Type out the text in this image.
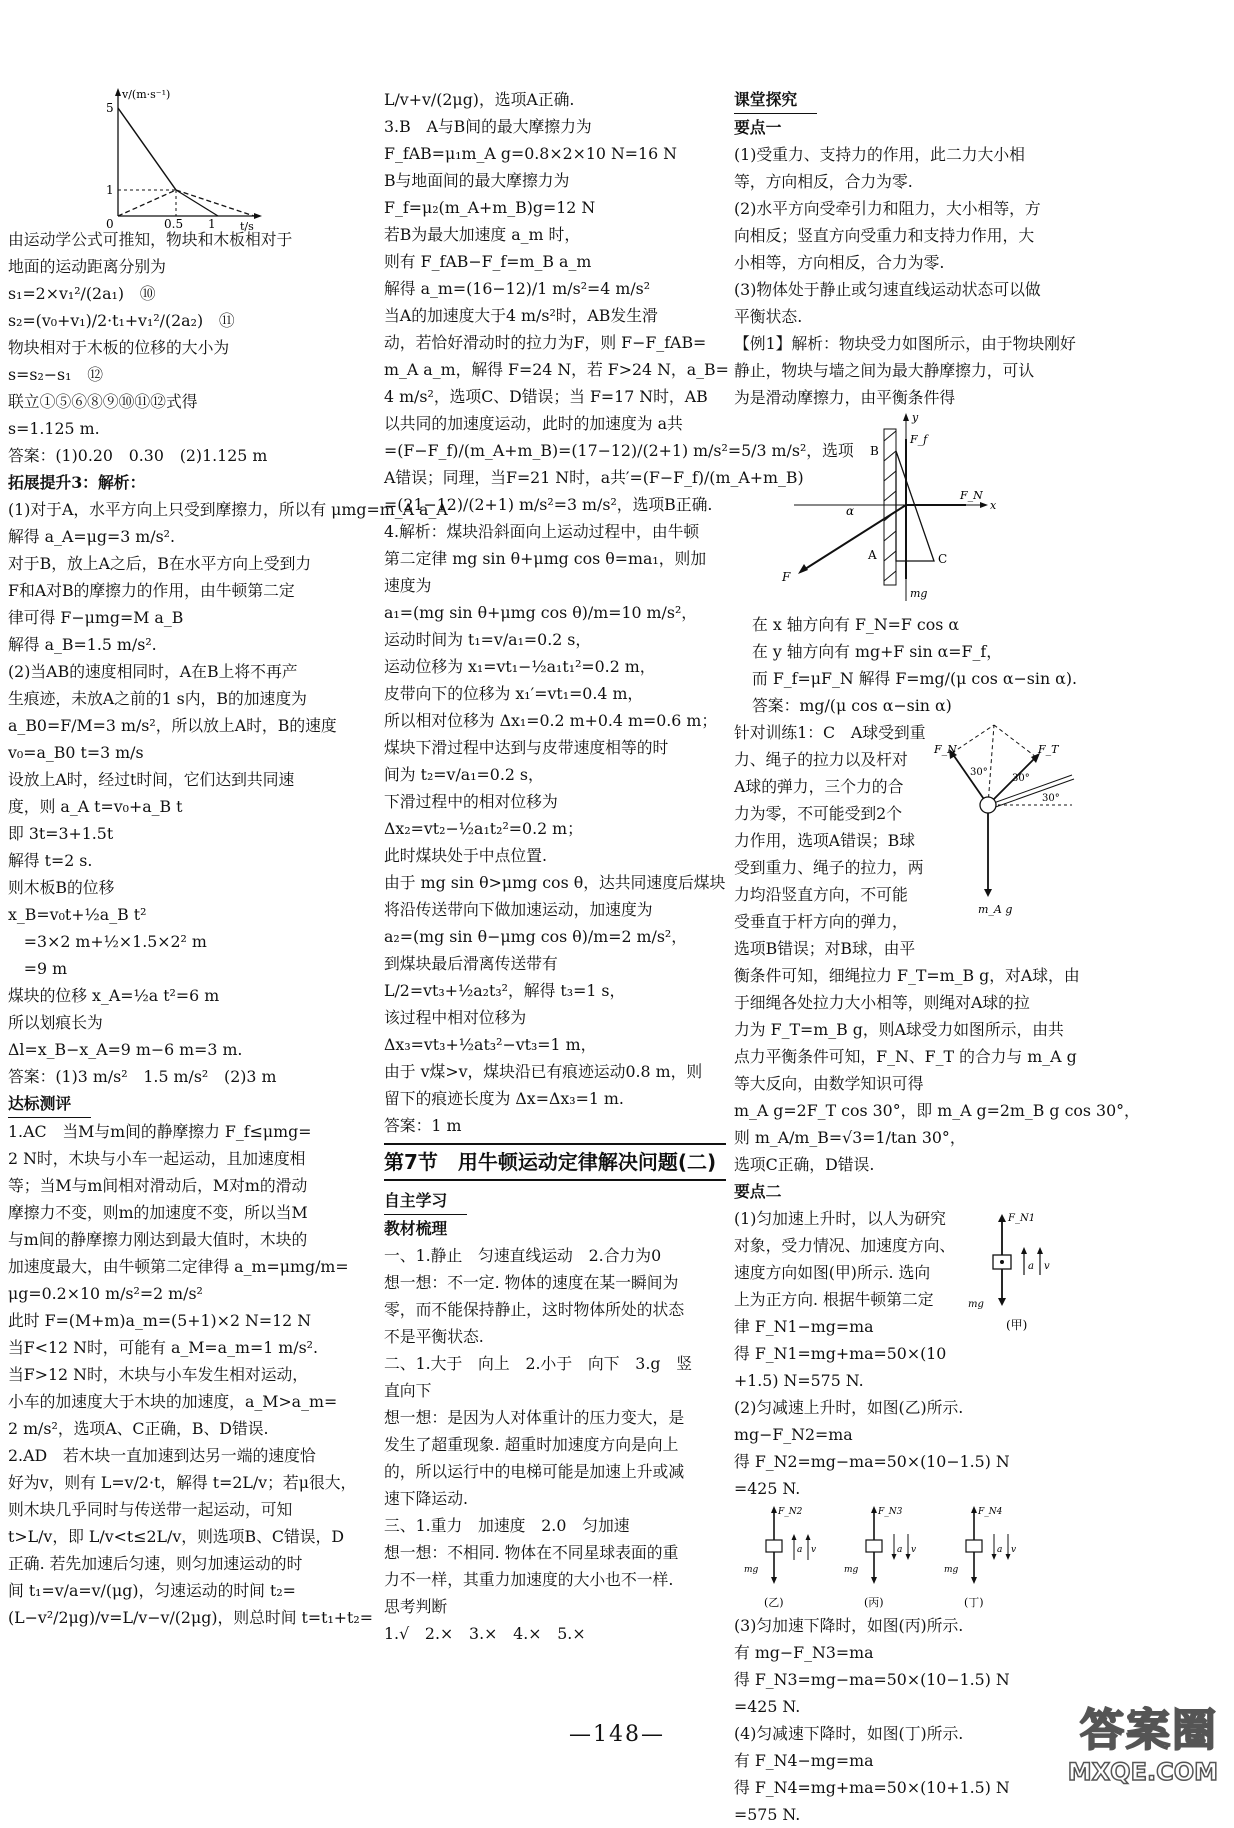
v/(m·s⁻¹)
t/s
5
1
0	0.5 1
由运动学公式可推知，物块和木板相对于
地面的运动距离分别为
s₁=2×v₁²/(2a₁)　⑩
s₂=(v₀+v₁)/2·t₁+v₁²/(2a₂)　⑪
物块相对于木板的位移的大小为
s=s₂−s₁　⑫
联立①⑤⑥⑧⑨⑩⑪⑫式得
s=1.125 m.
答案：(1)0.20　0.30　(2)1.125 m
拓展提升3：解析：
(1)对于A，水平方向上只受到摩擦力，所以有 μmg=m_A a_A
解得 a_A=μg=3 m/s².
对于B，放上A之后，B在水平方向上受到力
F和A对B的摩擦力的作用，由牛顿第二定
律可得 F−μmg=M a_B
解得 a_B=1.5 m/s².
(2)当AB的速度相同时，A在B上将不再产
生痕迹，未放A之前的1 s内，B的加速度为
a_B0=F/M=3 m/s²，所以放上A时，B的速度
v₀=a_B0 t=3 m/s
设放上A时，经过t时间，它们达到共同速
度，则 a_A t=v₀+a_B t
即 3t=3+1.5t
解得 t=2 s.
则木板B的位移
x_B=v₀t+½a_B t²
　=3×2 m+½×1.5×2² m
　=9 m
煤块的位移 x_A=½a t²=6 m
所以划痕长为
Δl=x_B−x_A=9 m−6 m=3 m.
答案：(1)3 m/s²　1.5 m/s²　(2)3 m
达标测评
1.AC　当M与m间的静摩擦力 F_f≤μmg=
2 N时，木块与小车一起运动，且加速度相
等；当M与m间相对滑动后，M对m的滑动
摩擦力不变，则m的加速度不变，所以当M
与m间的静摩擦力刚达到最大值时，木块的
加速度最大，由牛顿第二定律得 a_m=μmg/m=
μg=0.2×10 m/s²=2 m/s²
此时 F=(M+m)a_m=(5+1)×2 N=12 N
当F<12 N时，可能有 a_M=a_m=1 m/s².
当F>12 N时，木块与小车发生相对运动，
小车的加速度大于木块的加速度，a_M>a_m=
2 m/s²，选项A、C正确，B、D错误.
2.AD　若木块一直加速到达另一端的速度恰
好为v，则有 L=v/2·t，解得 t=2L/v；若μ很大，
则木块几乎同时与传送带一起运动，可知
t>L/v，即 L/v<t≤2L/v，则选项B、C错误，D
正确. 若先加速后匀速，则匀加速运动的时
间 t₁=v/a=v/(μg)，匀速运动的时间 t₂=
(L−v²/2μg)/v=L/v−v/(2μg)，则总时间 t=t₁+t₂=
L/v+v/(2μg)，选项A正确.
3.B　A与B间的最大摩擦力为
F_fAB=μ₁m_A g=0.8×2×10 N=16 N
B与地面间的最大摩擦力为
F_f=μ₂(m_A+m_B)g=12 N
若B为最大加速度 a_m 时，
则有 F_fAB−F_f=m_B a_m
解得 a_m=(16−12)/1 m/s²=4 m/s²
当A的加速度大于4 m/s²时，AB发生滑
动，若恰好滑动时的拉力为F，则 F−F_fAB=
m_A a_m，解得 F=24 N，若 F>24 N，a_B=
4 m/s²，选项C、D错误；当 F=17 N时，AB
以共同的加速度运动，此时的加速度为 a共
=(F−F_f)/(m_A+m_B)=(17−12)/(2+1) m/s²=5/3 m/s²，选项
A错误；同理，当F=21 N时，a共′=(F−F_f)/(m_A+m_B)
=(21−12)/(2+1) m/s²=3 m/s²，选项B正确.
4.解析：煤块沿斜面向上运动过程中，由牛顿
第二定律 mg sin θ+μmg cos θ=ma₁，则加
速度为
a₁=(mg sin θ+μmg cos θ)/m=10 m/s²，
运动时间为 t₁=v/a₁=0.2 s，
运动位移为 x₁=vt₁−½a₁t₁²=0.2 m，
皮带向下的位移为 x₁′=vt₁=0.4 m，
所以相对位移为 Δx₁=0.2 m+0.4 m=0.6 m；
煤块下滑过程中达到与皮带速度相等的时
间为 t₂=v/a₁=0.2 s，
下滑过程中的相对位移为
Δx₂=vt₂−½a₁t₂²=0.2 m；
此时煤块处于中点位置.
由于 mg sin θ>μmg cos θ，达共同速度后煤块
将沿传送带向下做加速运动，加速度为
a₂=(mg sin θ−μmg cos θ)/m=2 m/s²，
到煤块最后滑离传送带有
L/2=vt₃+½a₂t₃²，解得 t₃=1 s，
该过程中相对位移为
Δx₃=vt₃+½at₃²−vt₃=1 m，
由于 v煤>v，煤块沿已有痕迹运动0.8 m，则
留下的痕迹长度为 Δx=Δx₃=1 m.
答案：1 m
第7节　用牛顿运动定律解决问题(二)
自主学习
教材梳理
一、1.静止　匀速直线运动　2.合力为0
想一想：不一定. 物体的速度在某一瞬间为
零，而不能保持静止，这时物体所处的状态
不是平衡状态.
二、1.大于　向上　2.小于　向下　3.g　竖
直向下
想一想：是因为人对体重计的压力变大，是
发生了超重现象. 超重时加速度方向是向上
的，所以运行中的电梯可能是加速上升或减
速下降运动.
三、1.重力　加速度　2.0　匀加速
想一想：不相同. 物体在不同星球表面的重
力不一样，其重力加速度的大小也不一样.
思考判断
1.√　2.×　3.×　4.×　5.×
课堂探究
要点一
(1)受重力、支持力的作用，此二力大小相
等，方向相反，合力为零.
(2)水平方向受牵引力和阻力，大小相等，方
向相反；竖直方向受重力和支持力作用，大
小相等，方向相反，合力为零.
(3)物体处于静止或匀速直线运动状态可以做
平衡状态.
【例1】解析：物块受力如图所示，由于物块刚好
静止，物块与墙之间为最大静摩擦力，可认
为是滑动摩擦力，由平衡条件得
F_f
F_N
F
mg
B
A	C
α	x
y
在 x 轴方向有 F_N=F cos α
在 y 轴方向有 mg+F sin α=F_f，
而 F_f=μF_N 解得 F=mg/(μ cos α−sin α).
答案：mg/(μ cos α−sin α)
F_N	F_T
30°
30°
30°
m_A g
针对训练1：C　A球受到重
力、绳子的拉力以及杆对
A球的弹力，三个力的合
力为零，不可能受到2个
力作用，选项A错误；B球
受到重力、绳子的拉力，两
力均沿竖直方向，不可能
受垂直于杆方向的弹力，
选项B错误；对B球，由平
衡条件可知，细绳拉力 F_T=m_B g，对A球，由
于细绳各处拉力大小相等，则绳对A球的拉
力为 F_T=m_B g，则A球受力如图所示，由共
点力平衡条件可知，F_N、F_T 的合力与 m_A g
等大反向，由数学知识可得
m_A g=2F_T cos 30°，即 m_A g=2m_B g cos 30°，
则 m_A/m_B=√3=1/tan 30°，
选项C正确，D错误.
要点二
F_N1
a v
mg
(甲)
(1)匀加速上升时，以人为研究
对象，受力情况、加速度方向、
速度方向如图(甲)所示. 选向
上为正方向. 根据牛顿第二定
律 F_N1−mg=ma
得 F_N1=mg+ma=50×(10
+1.5) N=575 N.
(2)匀减速上升时，如图(乙)所示.
mg−F_N2=ma
得 F_N2=mg−ma=50×(10−1.5) N
=425 N.
F_N2
a v
mg
(乙)
F_N3
a v
mg
(丙)
F_N4
a v
mg
(丁)
(3)匀加速下降时，如图(丙)所示.
有 mg−F_N3=ma
得 F_N3=mg−ma=50×(10−1.5) N
=425 N.
(4)匀减速下降时，如图(丁)所示.
有 F_N4−mg=ma
得 F_N4=mg+ma=50×(10+1.5) N
=575 N.
—148—	答案圈
MXQE.COM
